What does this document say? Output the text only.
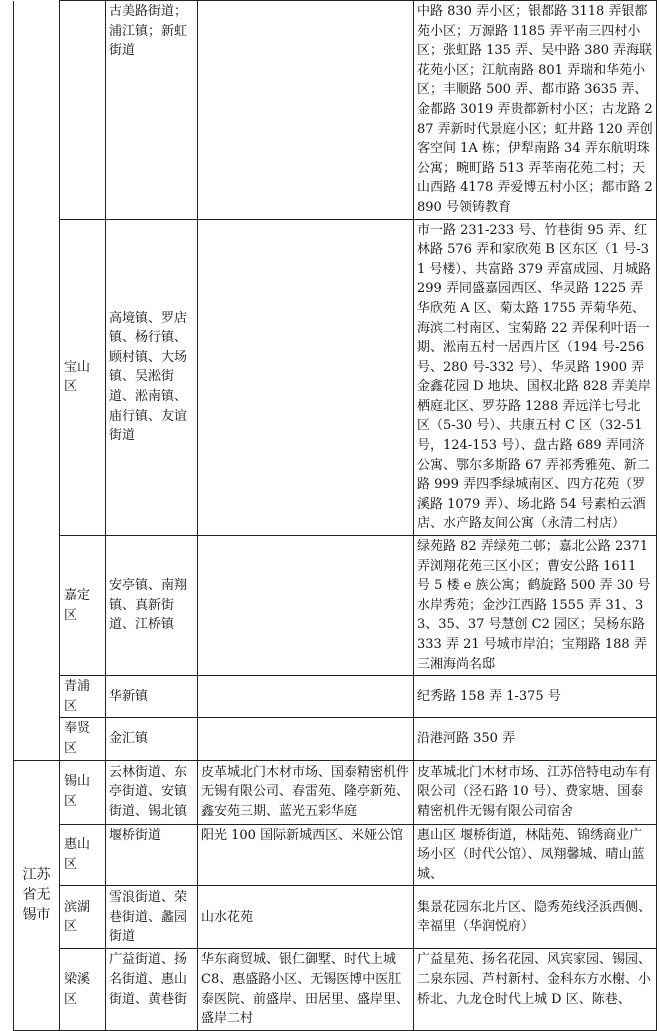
		古美路街道；浦江镇；新虹街道		中路 830 弄小区；银都路 3118 弄银都苑小区；万源路 1185 弄平南三四村小区；张虹路 135 弄、吴中路 380 弄海联花苑小区；江航南路 801 弄瑞和华苑小区；丰顺路 500 弄、都市路 3635 弄、金都路 3019 弄贵都新村小区；古龙路 287 弄新时代景庭小区；虹井路 120 弄创客空间 1A 栋；伊犁南路 34 弄东航明珠公寓；畹町路 513 弄莘南花苑二村；天山西路 4178 弄爱博五村小区；都市路 2890 号领铸教育
	宝山区	高境镇、罗店镇、杨行镇、顾村镇、大场镇、吴淞街道、淞南镇、庙行镇、友谊街道		市一路 231-233 号、竹巷街 95 弄、红林路 576 弄和家欣苑 B 区东区（1 号-31 号楼）、共富路 379 弄富成园、月城路 299 弄同盛嘉园西区、华灵路 1225 弄华欣苑 A 区、菊太路 1755 弄菊华苑、海滨二村南区、宝菊路 22 弄保利叶语一期、淞南五村一居西片区（194 号-256 号、280 号-332 号）、华灵路 1900 弄金鑫花园 D 地块、国权北路 828 弄美岸栖庭北区、罗芬路 1288 弄远洋七号北区（5-30 号）、共康五村 C 区（32-51 号，124-153 号）、盘古路 689 弄同济公寓、鄂尔多斯路 67 弄祁秀雅苑、新二路 999 弄四季绿城南区、四方花苑（罗溪路 1079 弄）、场北路 54 号素柏云酒店、水产路友间公寓（永清二村店）
	嘉定区	安亭镇、南翔镇、真新街道、江桥镇		绿苑路 82 弄绿苑二邨；嘉北公路 2371 弄浏翔花苑三区小区；曹安公路 1611 号 5 楼 e 族公寓；鹤旋路 500 弄 30 号水岸秀苑；金沙江西路 1555 弄 31、33、35、37 号慧创 C2 园区；吴杨东路 333 弄 21 号城市岸泊；宝翔路 188 弄三湘海尚名邸
	青浦区	华新镇		纪秀路 158 弄 1-375 号
	奉贤区	金汇镇		沿港河路 350 弄
江苏省无锡市	锡山区	云林街道、东亭街道、安镇街道、锡北镇	皮革城北门木材市场、国泰精密机件无锡有限公司、春雷苑、隆亭新苑、鑫安苑三期、蓝光五彩华庭	皮革城北门木材市场、江苏倍特电动车有限公司（泾石路 10 号）、费家塘、国泰精密机件无锡有限公司宿舍
	惠山区	堰桥街道	阳光 100 国际新城西区、米娅公馆	惠山区 堰桥街道，林陆苑、锦绣商业广场小区（时代公馆）、凤翔馨城、晴山蓝城、
	滨湖区	雪浪街道、荣巷街道、蠡园街道	山水花苑	集景花园东北片区、隐秀苑线泾浜西侧、幸福里（华润悦府）
	梁溪区	广益街道、扬名街道、惠山街道、黄巷街	华东商贸城、银仁御墅、时代上城 C8、惠盛路小区、无锡医博中医肛泰医院、前盛岸、田居里、盛岸里、盛岸二村	广益星苑、扬名花园、风宾家园、锡园、二泉东园、芦村新村、金科东方水榭、小桥北、九龙仓时代上城 D 区、陈巷、
